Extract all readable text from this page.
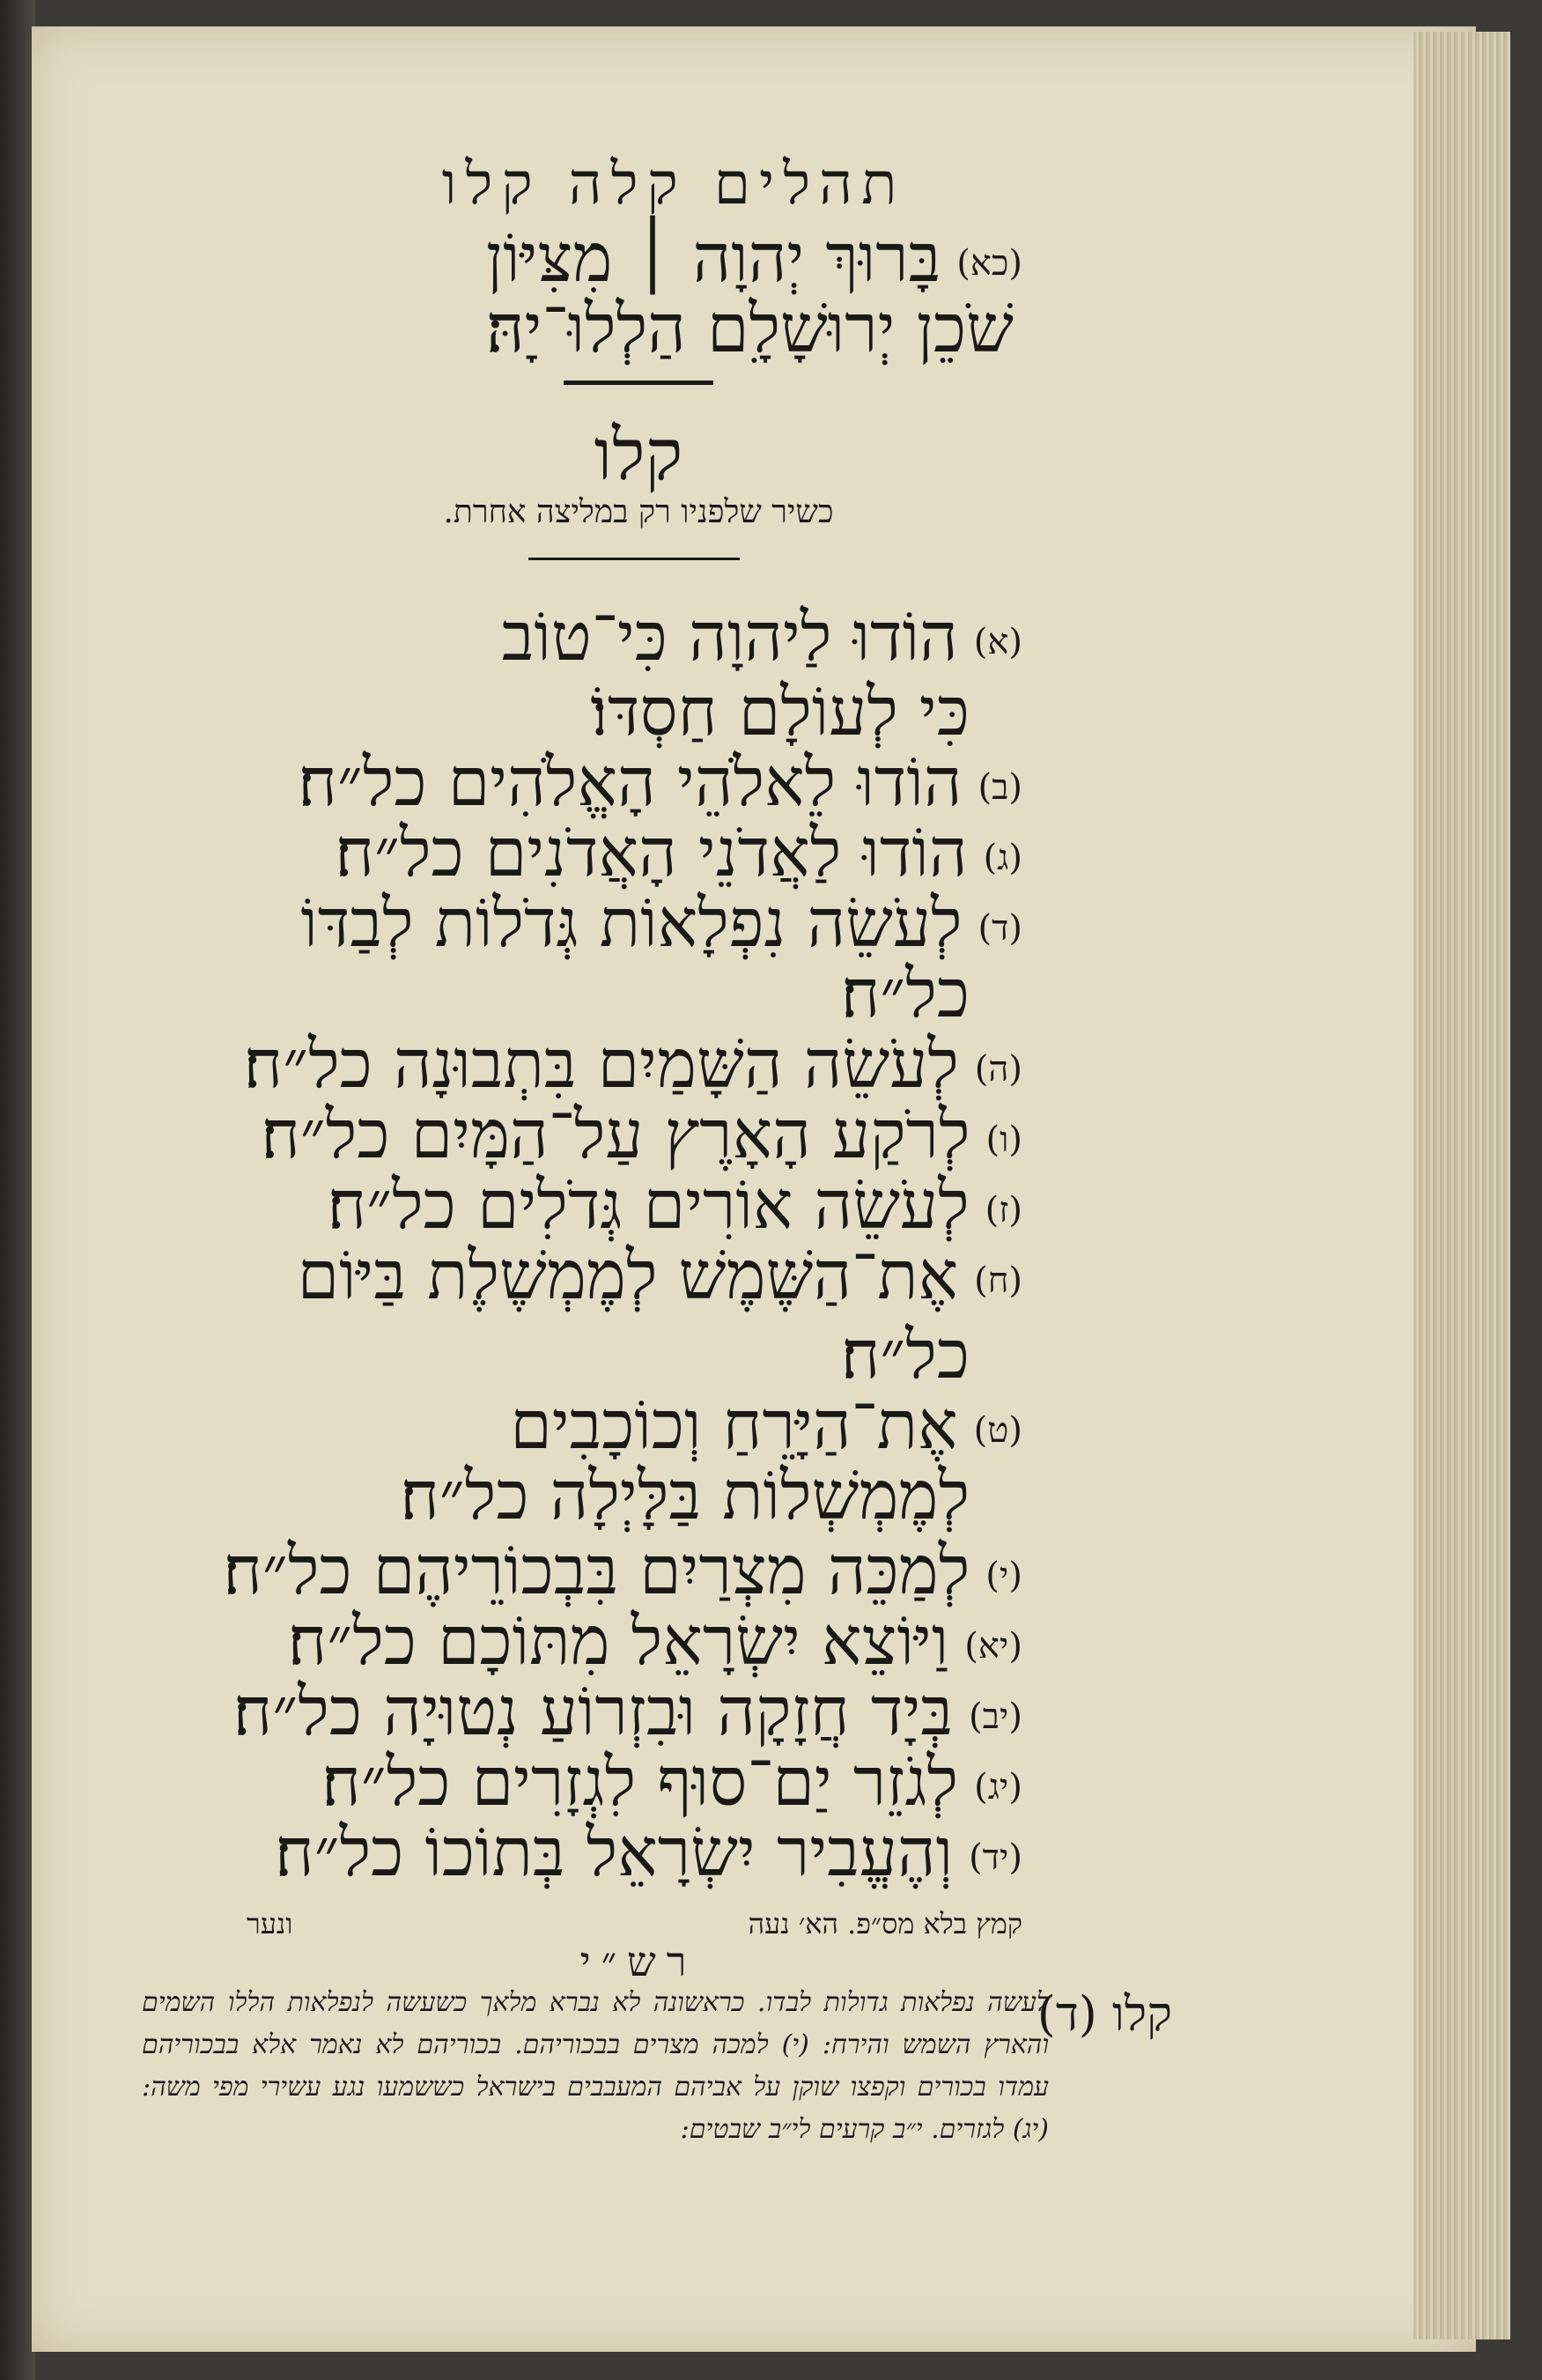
תהלים קלה קלו
(כא)בָּרוּךְ יְהוָה ׀ מִצִּיּוֹן
שֹׁכֵן יְרוּשָׁלִָם הַלְלוּ־יָהּ׃
קלו
כשיר שלפניו רק במליצה אחרת.
(א)הוֹדוּ לַיהוָה כִּי־טוֹב
כִּי לְעוֹלָם חַסְדּוֹ׃
(ב)הוֹדוּ לֵאלֹהֵי הָאֱלֹהִים כל״ח׃
(ג)הוֹדוּ לַאֲדֹנֵי הָאֲדֹנִים כל״ח׃
(ד)לְעֹשֵׂה נִפְלָאוֹת גְּדֹלוֹת לְבַדּוֹ
כל״ח׃
(ה)לְעֹשֵׂה הַשָּׁמַיִם בִּתְבוּנָה כל״ח׃
(ו)לְרֹקַע הָאָרֶץ עַל־הַמָּיִם כל״ח׃
(ז)לְעֹשֵׂה אוֹרִים גְּדֹלִים כל״ח׃
(ח)אֶת־הַשֶּׁמֶשׁ לְמֶמְשֶׁלֶת בַּיּוֹם
כל״ח׃
(ט)אֶת־הַיָּרֵחַ וְכוֹכָבִים
לְמֶמְשְׁלוֹת בַּלָּיְלָה כל״ח׃
(י)לְמַכֵּה מִצְרַיִם בִּבְכוֹרֵיהֶם כל״ח׃
(יא)וַיּוֹצֵא יִשְׂרָאֵל מִתּוֹכָם כל״ח׃
(יב)בְּיָד חֲזָקָה וּבִזְרוֹעַ נְטוּיָה כל״ח׃
(יג)לְגֹזֵר יַם־סוּף לִגְזָרִים כל״ח׃
(יד)וְהֶעֱבִיר יִשְׂרָאֵל בְּתוֹכוֹ כל״ח׃
קמץ בלא מס״פ. הא׳ נעה
ונער
רש״י
קלו (ד)
לעשה נפלאות גדולות לבדו. כראשונה לא נברא מלאך כשעשה לנפלאות הללו השמים והארץ השמש והירח: (י) למכה מצרים בבכוריהם. בכוריהם לא נאמר אלא בבכוריהם עמדו בכורים וקפצו שוקן על אביהם המעבבים בישראל כששמעו נגע עשירי מפי משה: (יג) לגזרים. י״ב קרעים לי״ב שבטים:
